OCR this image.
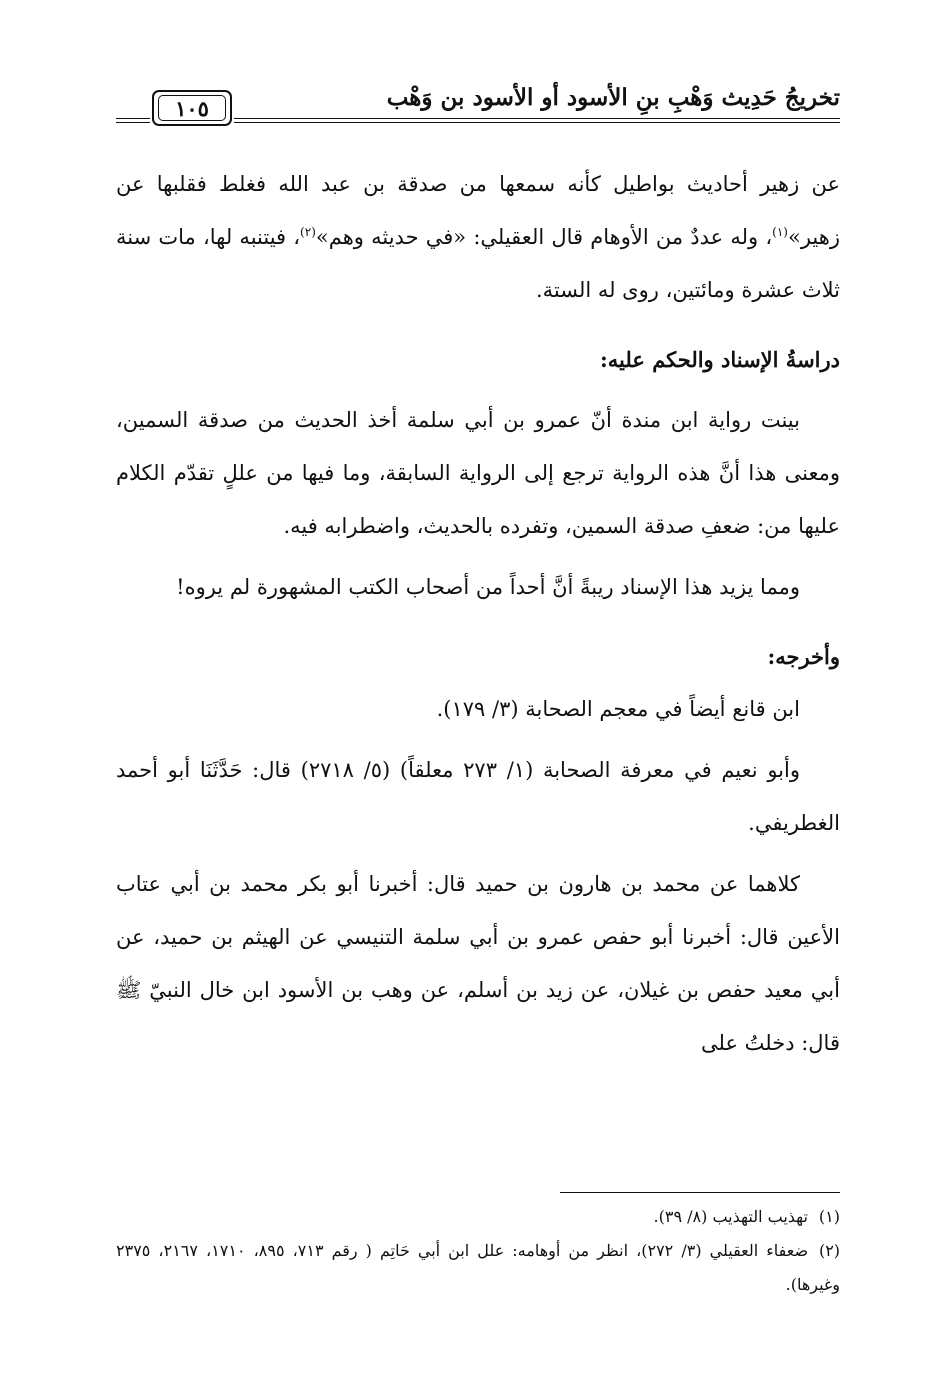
تخريجُ حَدِيث وَهْبِ بنِ الأسود أو الأسود بن وَهْب
١٠٥

عن زهير أحاديث بواطيل كأنه سمعها من صدقة بن عبد الله فغلط فقلبها عن زهير»$^{(١)}$، وله عددٌ من الأوهام قال العقيلي: «في حديثه وهم»$^{(٢)}$، فيتنبه لها، مات سنة ثلاث عشرة ومائتين، روى له الستة.

دراسةُ الإسناد والحكم عليه:

بينت رواية ابن مندة أنّ عمرو بن أبي سلمة أخذ الحديث من صدقة السمين، ومعنى هذا أنَّ هذه الرواية ترجع إلى الرواية السابقة، وما فيها من عللٍ تقدّم الكلام عليها من: ضعفِ صدقة السمين، وتفرده بالحديث، واضطرابه فيه.

ومما يزيد هذا الإسناد ريبةً أنَّ أحداً من أصحاب الكتب المشهورة لم يروه!

وأخرجه:

ابن قانع أيضاً في معجم الصحابة (٣/ ١٧٩).

وأبو نعيم في معرفة الصحابة (١/ ٢٧٣ معلقاً) (٥/ ٢٧١٨) قال: حَدَّثَنَا أبو أحمد الغطريفي.

كلاهما عن محمد بن هارون بن حميد قال: أخبرنا أبو بكر محمد بن أبي عتاب الأعين قال: أخبرنا أبو حفص عمرو بن أبي سلمة التنيسي عن الهيثم بن حميد، عن أبي معيد حفص بن غيلان، عن زيد بن أسلم، عن وهب بن الأسود ابن خال النبيّ ﷺ قال: دخلتُ على

(١)تهذيب التهذيب (٨/ ٣٩).

(٢)ضعفاء العقيلي (٣/ ٢٧٢)، انظر من أوهامه: علل ابن أبي حَاتِم ( رقم ٧١٣، ٨٩٥، ١٧١٠، ٢١٦٧، ٢٣٧٥ وغيرها).
